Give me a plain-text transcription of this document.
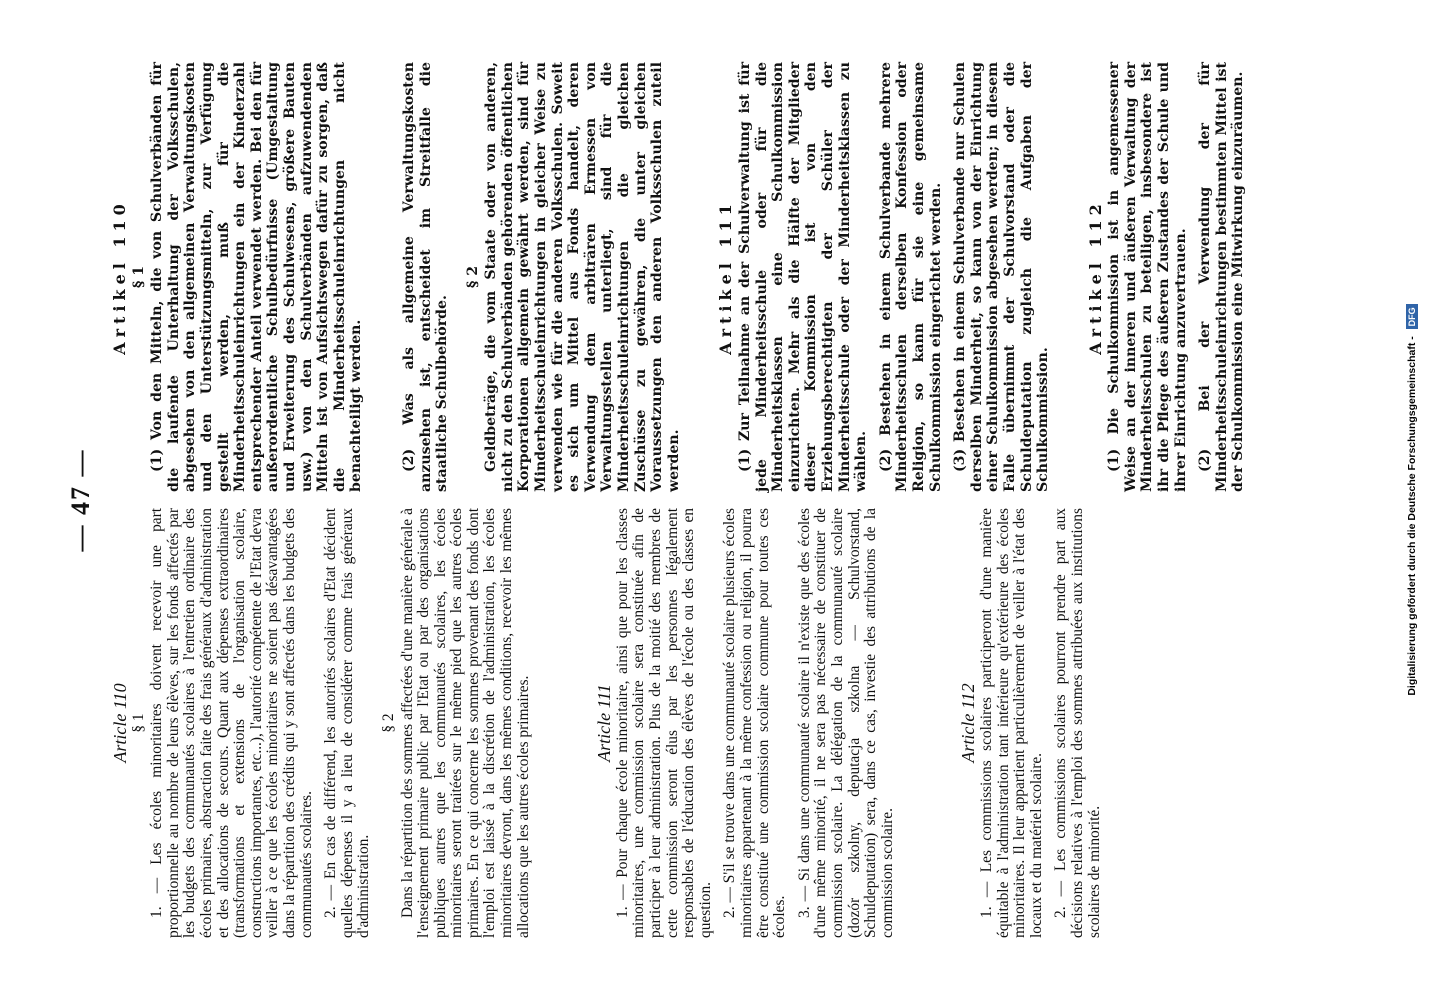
— 47 —
Article 110 § 1 1. — Les écoles minoritaires doivent recevoir une part proportionnelle au nombre de leurs élèves, sur les fonds affectés par les budgets des communautés scolaires à l'entretien ordinaire des écoles primaires, abstraction faite des frais généraux d'administration et des allocations de secours. Quant aux dépenses extraordinaires (transformations et extensions de l'organisation scolaire, constructions importantes, etc...), l'autorité compétente de l'Etat devra veiller à ce que les écoles minoritaires ne soient pas désavantagées dans la répartition des crédits qui y sont affectés dans les budgets des communautés scolaires. 2. — En cas de différend, les autorités scolaires d'Etat décident quelles dépenses il y a lieu de considérer comme frais généraux d'administration.

§ 2 Dans la répartition des sommes affectées d'une manière générale à l'enseignement primaire public par l'Etat ou par des organisations publiques autres que les communautés scolaires, les écoles minoritaires seront traitées sur le même pied que les autres écoles primaires. En ce qui concerne les sommes provenant des fonds dont l'emploi est laissé à la discrétion de l'administration, les écoles minoritaires devront, dans les mêmes conditions, recevoir les mêmes allocations que les autres écoles primaires.	Article 111 1. — Pour chaque école minoritaire, ainsi que pour les classes minoritaires, une commission scolaire sera constituée afin de participer à leur administration. Plus de la moitié des membres de cette commission seront élus par les personnes légalement responsables de l'éducation des élèves de l'école ou des classes en question. 2. — S'il se trouve dans une communauté scolaire plusieurs écoles minoritaires appartenant à la même confession ou religion, il pourra être constitué une commission scolaire commune pour toutes ces écoles. 3. — Si dans une communauté scolaire il n'existe que des écoles d'une même minorité, il ne sera pas nécessaire de constituer de commission scolaire. La délégation de la communauté scolaire (dozór szkolny, deputacja szkolna — Schulvorstand, Schuldeputation) sera, dans ce cas, investie des attributions de la commission scolaire.

Article 112 1. — Les commissions scolaires participeront d'une manière équitable à l'administration tant intérieure qu'extérieure des écoles minoritaires. Il leur appartient particulièrement de veiller à l'état des locaux et du matériel scolaire. 2. — Les commissions scolaires pourront prendre part aux décisions relatives à l'emploi des sommes attribuées aux institutions scolaires de minorité.

Artikel 110 § 1 (1) Von den Mitteln, die von Schulverbänden für die laufende Unterhaltung der Volksschulen, abgesehen von den allgemeinen Verwaltungskosten und den Unterstützungsmitteln, zur Verfügung gestellt werden, muß für die Minderheitsschuleinrichtungen ein der Kinderzahl entsprechender Anteil verwendet werden. Bei den für außerordentliche Schulbedürfnisse (Umgestaltung und Erweiterung des Schulwesens, größere Bauten usw.) von den Schulverbänden aufzuwendenden Mitteln ist von Aufsichtswegen dafür zu sorgen, daß die Minderheitsschuleinrichtungen nicht benachteiligt werden.	(2) Was als allgemeine Verwaltungskosten anzusehen ist, entscheidet im Streitfalle die staatliche Schulbehörde.

§ 2 Geldbeträge, die vom Staate oder von anderen, nicht zu den Schulverbänden gehörenden öffentlichen Korporationen allgemein gewährt werden, sind für Minderheitsschuleinrichtungen in gleicher Weise zu verwenden wie für die anderen Volksschulen. Soweit es sich um Mittel aus Fonds handelt, deren Verwendung dem arbiträren Ermessen von Verwaltungsstellen unterliegt, sind für die Minderheitsschuleinrichtungen die gleichen Zuschüsse zu gewähren, die unter gleichen Voraussetzungen den anderen Volksschulen zuteil werden.

Artikel 111 (1) Zur Teilnahme an der Schulverwaltung ist für jede Minderheitsschule oder für die Minderheitsklassen eine Schulkommission einzurichten. Mehr als die Hälfte der Mitglieder dieser Kommission ist von den Erziehungsberechtigten der Schüler der Minderheitsschule oder der Minderheitsklassen zu wählen. (2) Bestehen in einem Schulverbande mehrere Minderheitsschulen derselben Konfession oder Religion, so kann für sie eine gemeinsame Schulkommission eingerichtet werden. (3) Bestehen in einem Schulverbande nur Schulen derselben Minderheit, so kann von der Einrichtung einer Schulkommission abgesehen werden; in diesem Falle übernimmt der Schulvorstand oder die Schuldeputation zugleich die Aufgaben der Schulkommission.

Artikel 112 (1) Die Schulkommission ist in angemessener Weise an der inneren und äußeren Verwaltung der Minderheitsschulen zu beteiligen, insbesondere ist ihr die Pflege des äußeren Zustandes der Schule und ihrer Einrichtung anzuvertrauen. (2) Bei der Verwendung der für Minderheitsschuleinrichtungen bestimmten Mittel ist der Schulkommission eine Mitwirkung einzuräumen.

Digitalisierung gefördert durch die Deutsche Forschungsgemeinschaft - DFG
